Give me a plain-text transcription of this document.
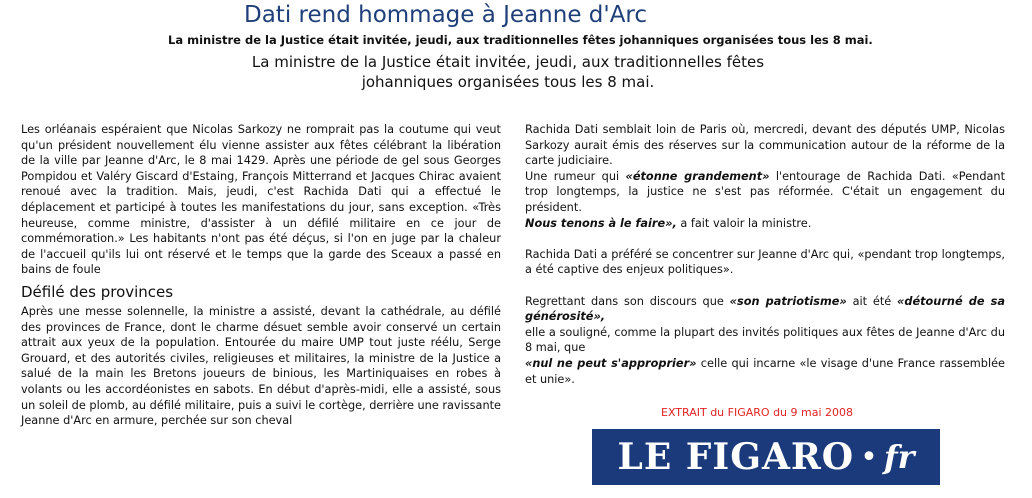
Dati rend hommage à Jeanne d'Arc
La ministre de la Justice était invitée, jeudi, aux traditionnelles fêtes johanniques organisées tous les 8 mai.
La ministre de la Justice était invitée, jeudi, aux traditionnelles fêtes johanniques organisées tous les 8 mai.

Les orléanais espéraient que Nicolas Sarkozy ne romprait pas la coutume qui veut qu'un président nouvellement élu vienne assister aux fêtes célébrant la libération de la ville par Jeanne d'Arc, le 8 mai 1429. Après une période de gel sous Georges Pompidou et Valéry Giscard d'Estaing, François Mitterrand et Jacques Chirac avaient renoué avec la tradition. Mais, jeudi, c'est Rachida Dati qui a effectué le déplacement et participé à toutes les manifestations du jour, sans exception. «Très heureuse, comme ministre, d'assister à un défilé militaire en ce jour de commémoration.» Les habitants n'ont pas été déçus, si l'on en juge par la chaleur de l'accueil qu'ils lui ont réservé et le temps que la garde des Sceaux a passé en bains de foule

Défilé des provinces

Après une messe solennelle, la ministre a assisté, devant la cathédrale, au défilé des provinces de France, dont le charme désuet semble avoir conservé un certain attrait aux yeux de la population. Entourée du maire UMP tout juste réélu, Serge Grouard, et des autorités civiles, religieuses et militaires, la ministre de la Justice a salué de la main les Bretons joueurs de binious, les Martiniquaises en robes à volants ou les accordéonistes en sabots. En début d'après-midi, elle a assisté, sous un soleil de plomb, au défilé militaire, puis a suivi le cortège, derrière une ravissante Jeanne d'Arc en armure, perchée sur son cheval

Rachida Dati semblait loin de Paris où, mercredi, devant des députés UMP, Nicolas Sarkozy aurait émis des réserves sur la communication autour de la réforme de la carte judiciaire.

Une rumeur qui «étonne grandement» l'entourage de Rachida Dati. «Pendant trop longtemps, la justice ne s'est pas réformée. C'était un engagement du président.

Nous tenons à le faire», a fait valoir la ministre.

Rachida Dati a préféré se concentrer sur Jeanne d'Arc qui, «pendant trop longtemps, a été captive des enjeux politiques».

Regrettant dans son discours que «son patriotisme» ait été «détourné de sa générosité»,

elle a souligné, comme la plupart des invités politiques aux fêtes de Jeanne d'Arc du 8 mai, que

«nul ne peut s'approprier» celle qui incarne «le visage d'une France rassemblée et unie».

EXTRAIT du FIGARO du 9 mai 2008
LE FIGARO • fr
